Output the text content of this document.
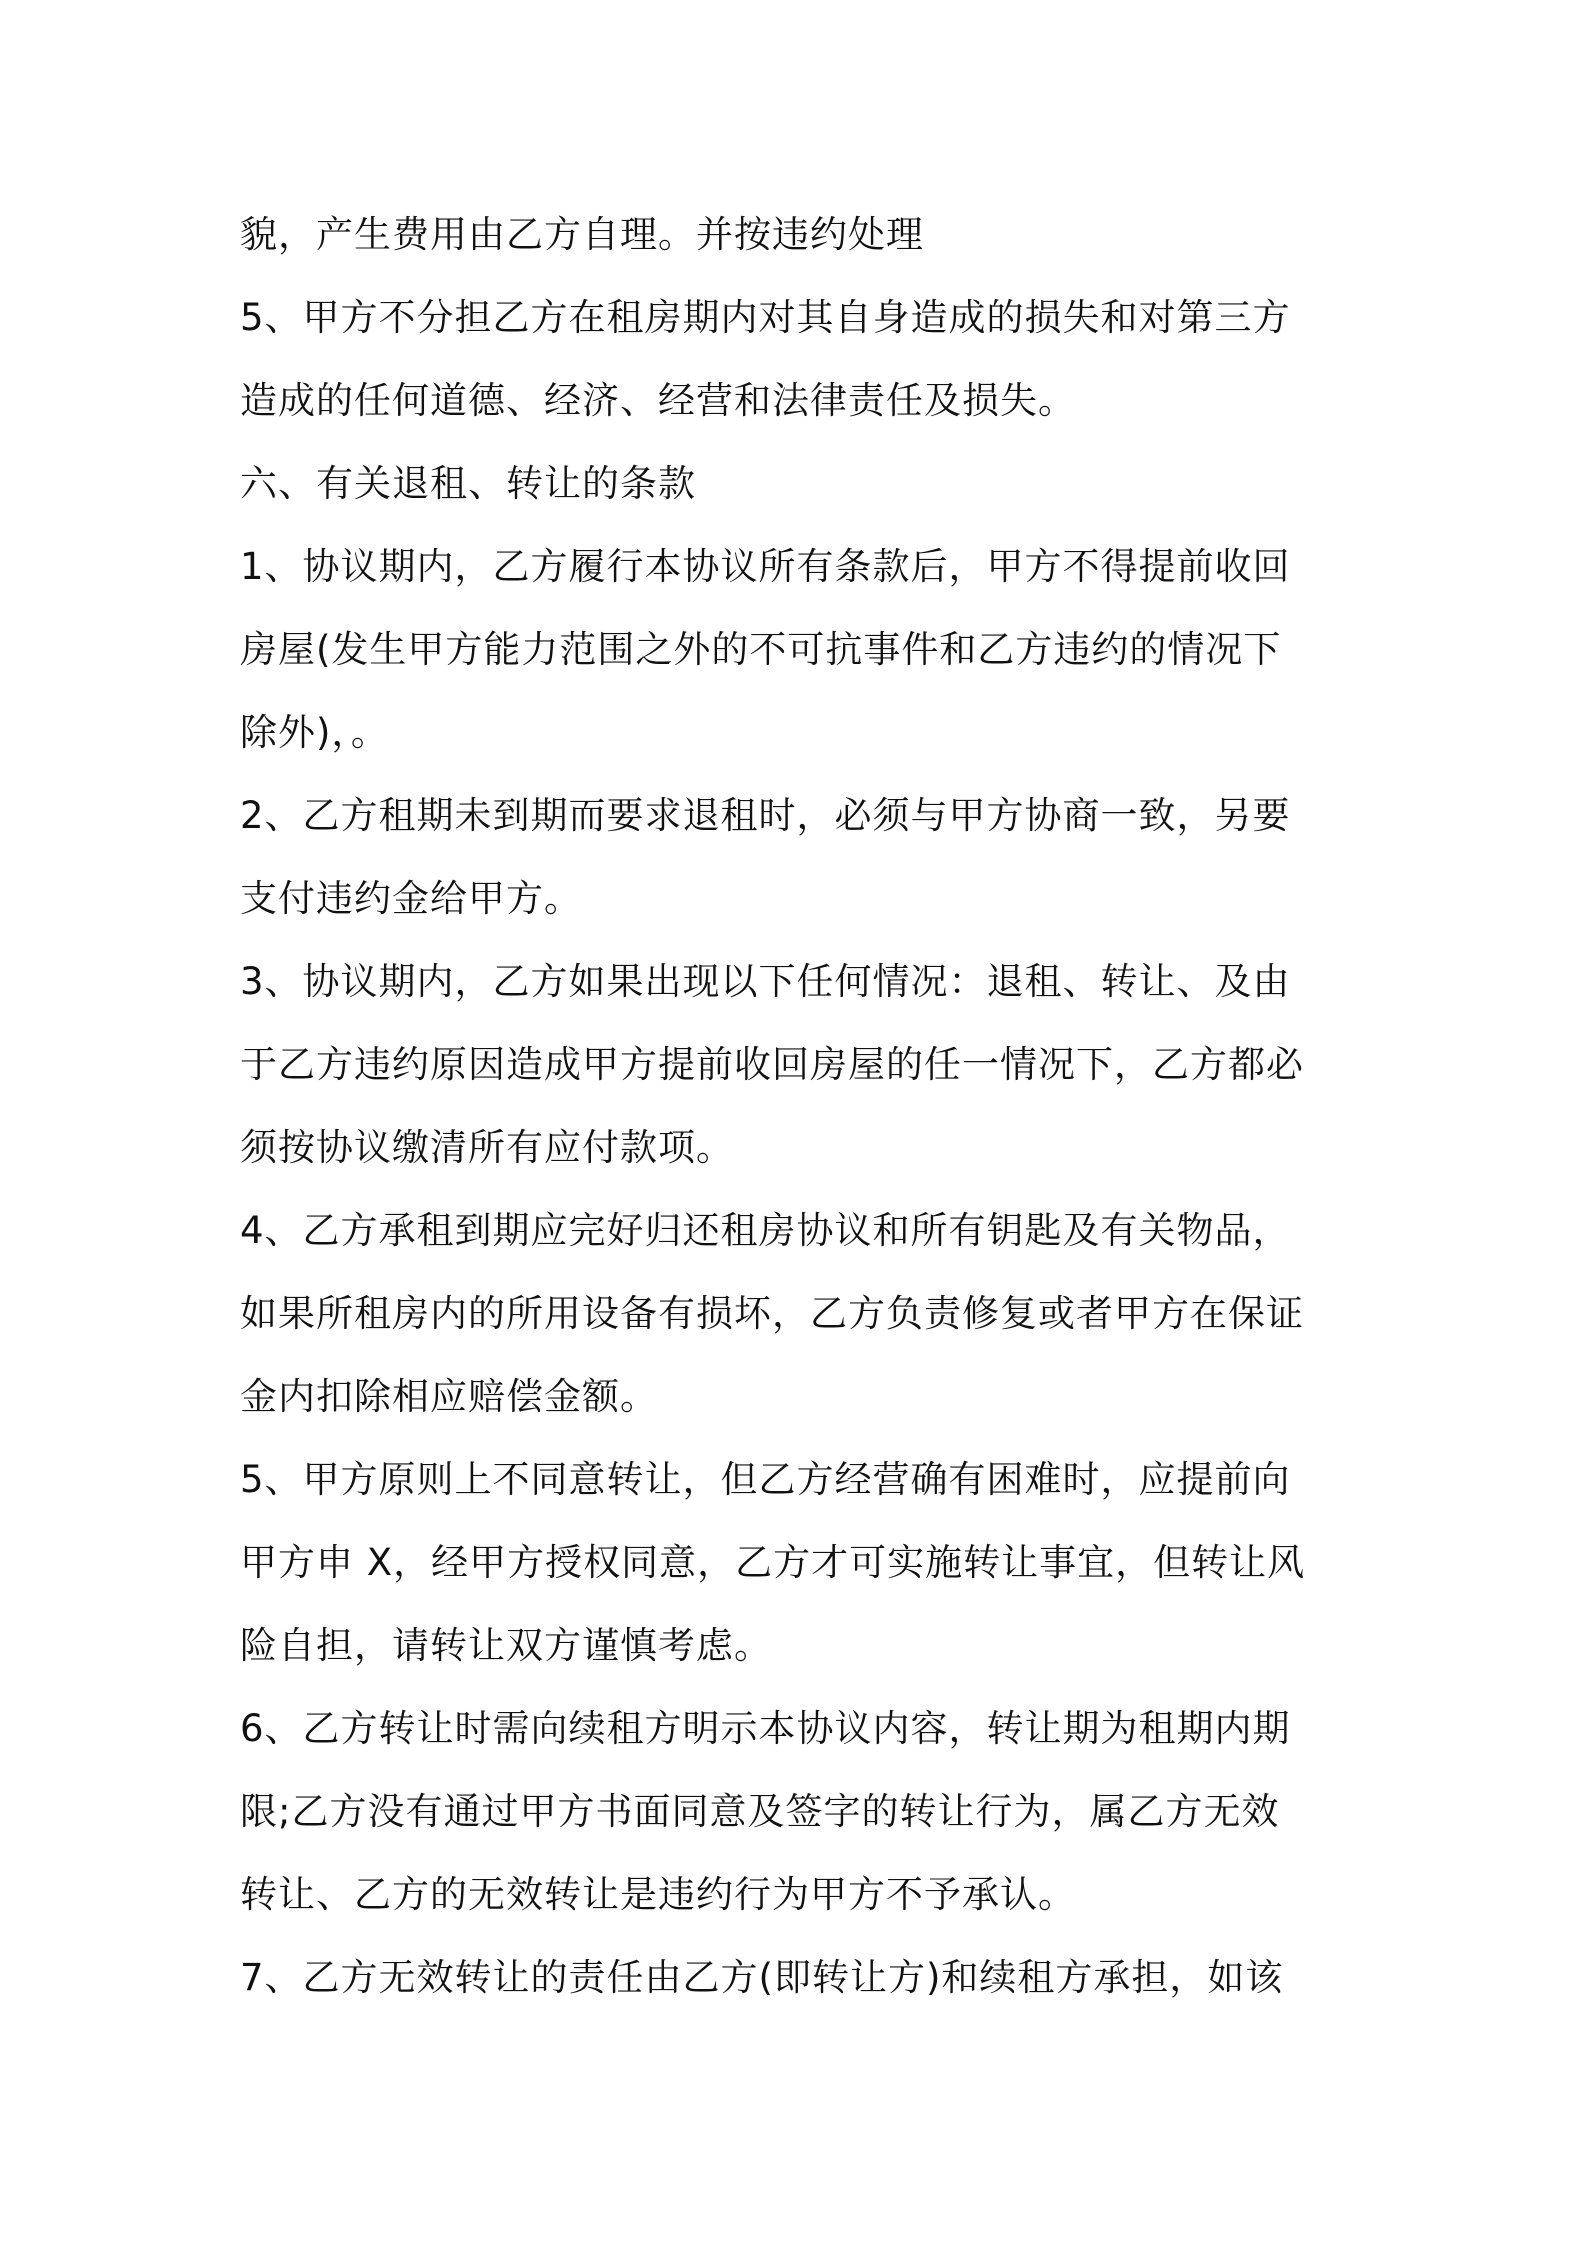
貌，产生费用由乙方自理。并按违约处理
5、甲方不分担乙方在租房期内对其自身造成的损失和对第三方
造成的任何道德、经济、经营和法律责任及损失。
六、有关退租、转让的条款
1、协议期内，乙方履行本协议所有条款后，甲方不得提前收回
房屋(发生甲方能力范围之外的不可抗事件和乙方违约的情况下
除外)，。
2、乙方租期未到期而要求退租时，必须与甲方协商一致，另要
支付违约金给甲方。
3、协议期内，乙方如果出现以下任何情况：退租、转让、及由
于乙方违约原因造成甲方提前收回房屋的任一情况下，乙方都必
须按协议缴清所有应付款项。
4、乙方承租到期应完好归还租房协议和所有钥匙及有关物品，
如果所租房内的所用设备有损坏，乙方负责修复或者甲方在保证
金内扣除相应赔偿金额。
5、甲方原则上不同意转让，但乙方经营确有困难时，应提前向
甲方申 X，经甲方授权同意，乙方才可实施转让事宜，但转让风
险自担，请转让双方谨慎考虑。
6、乙方转让时需向续租方明示本协议内容，转让期为租期内期
限;乙方没有通过甲方书面同意及签字的转让行为，属乙方无效
转让、乙方的无效转让是违约行为甲方不予承认。
7、乙方无效转让的责任由乙方(即转让方)和续租方承担，如该
